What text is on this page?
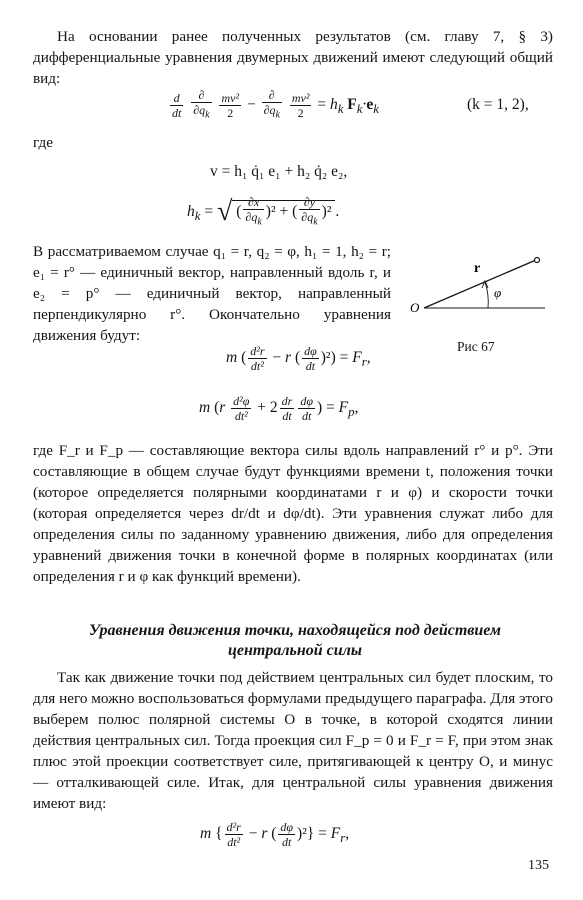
На основании ранее полученных результатов (см. главу 7, § 3) дифференциальные уравнения двумерных движений имеют следующий общий вид:

$\frac{d}{dt}$
$\frac{\partial}{\partial q_k}$
$\frac{\text{mv²}}{2} - \frac{\partial}{\partial q_k}$
$\frac{\text{mv²}}{2} = h_k$ $F_k\cdot e_k$	(k = 1, 2),
где
v = h₁ q̇₁ e₁ + h₂ q̇₂ e₂,
$h_k$ = √ ( $\frac{\partial x}{\partial q_k} )^2$ + ( $\frac{\partial y}{\partial q_k} )^2$ .

В рассматриваемом случае q₁ = r, q₂ = φ, h₁ = 1, h₂ = r; e₁ = r° — единичный вектор, направленный вдоль r, и e₂ = p° — единичный вектор, направленный перпендикулярно r°. Окончательно уравнения движения будут:

r
φ
O
Рис 67
m ( $\frac{\text{d²r}}{\text{dt²}} - r$ ( $\frac{d\varphi}{dt} )^2) = F_r$,
m ($r \frac{\text{d²φ}}{\text{dt²}} + 2 \frac{dr}{dt} \frac{d\varphi}{dt}$ ) = $F_p$,

где F_r и F_p — составляющие вектора силы вдоль направлений r° и p°. Эти составляющие в общем случае будут функциями времени t, положения точки (которое определяется полярными координатами r и φ) и скорости точки (которая определяется через dr/dt и dφ/dt). Эти уравнения служат либо для определения силы по заданному уравнению движения, либо для определения уравнений движения точки в конечной форме в полярных координатах (или определения r и φ как функций времени).

Уравнения движения точки, находящейся под действием центральной силы

Так как движение точки под действием центральных сил будет плоским, то для него можно воспользоваться формулами предыдущего параграфа. Для этого выберем полюс полярной системы O в точке, в которой сходятся линии действия центральных сил. Тогда проекция сил F_p = 0 и F_r = F, при этом знак плюс этой проекции соответствует силе, притягивающей к центру O, и минус — отталкивающей силе. Итак, для центральной силы уравнения движения имеют вид:

m { $\frac{\text{d²r}}{\text{dt²}} - r$ ( $\frac{d\varphi}{dt} )^2\} = F_r$,
135
